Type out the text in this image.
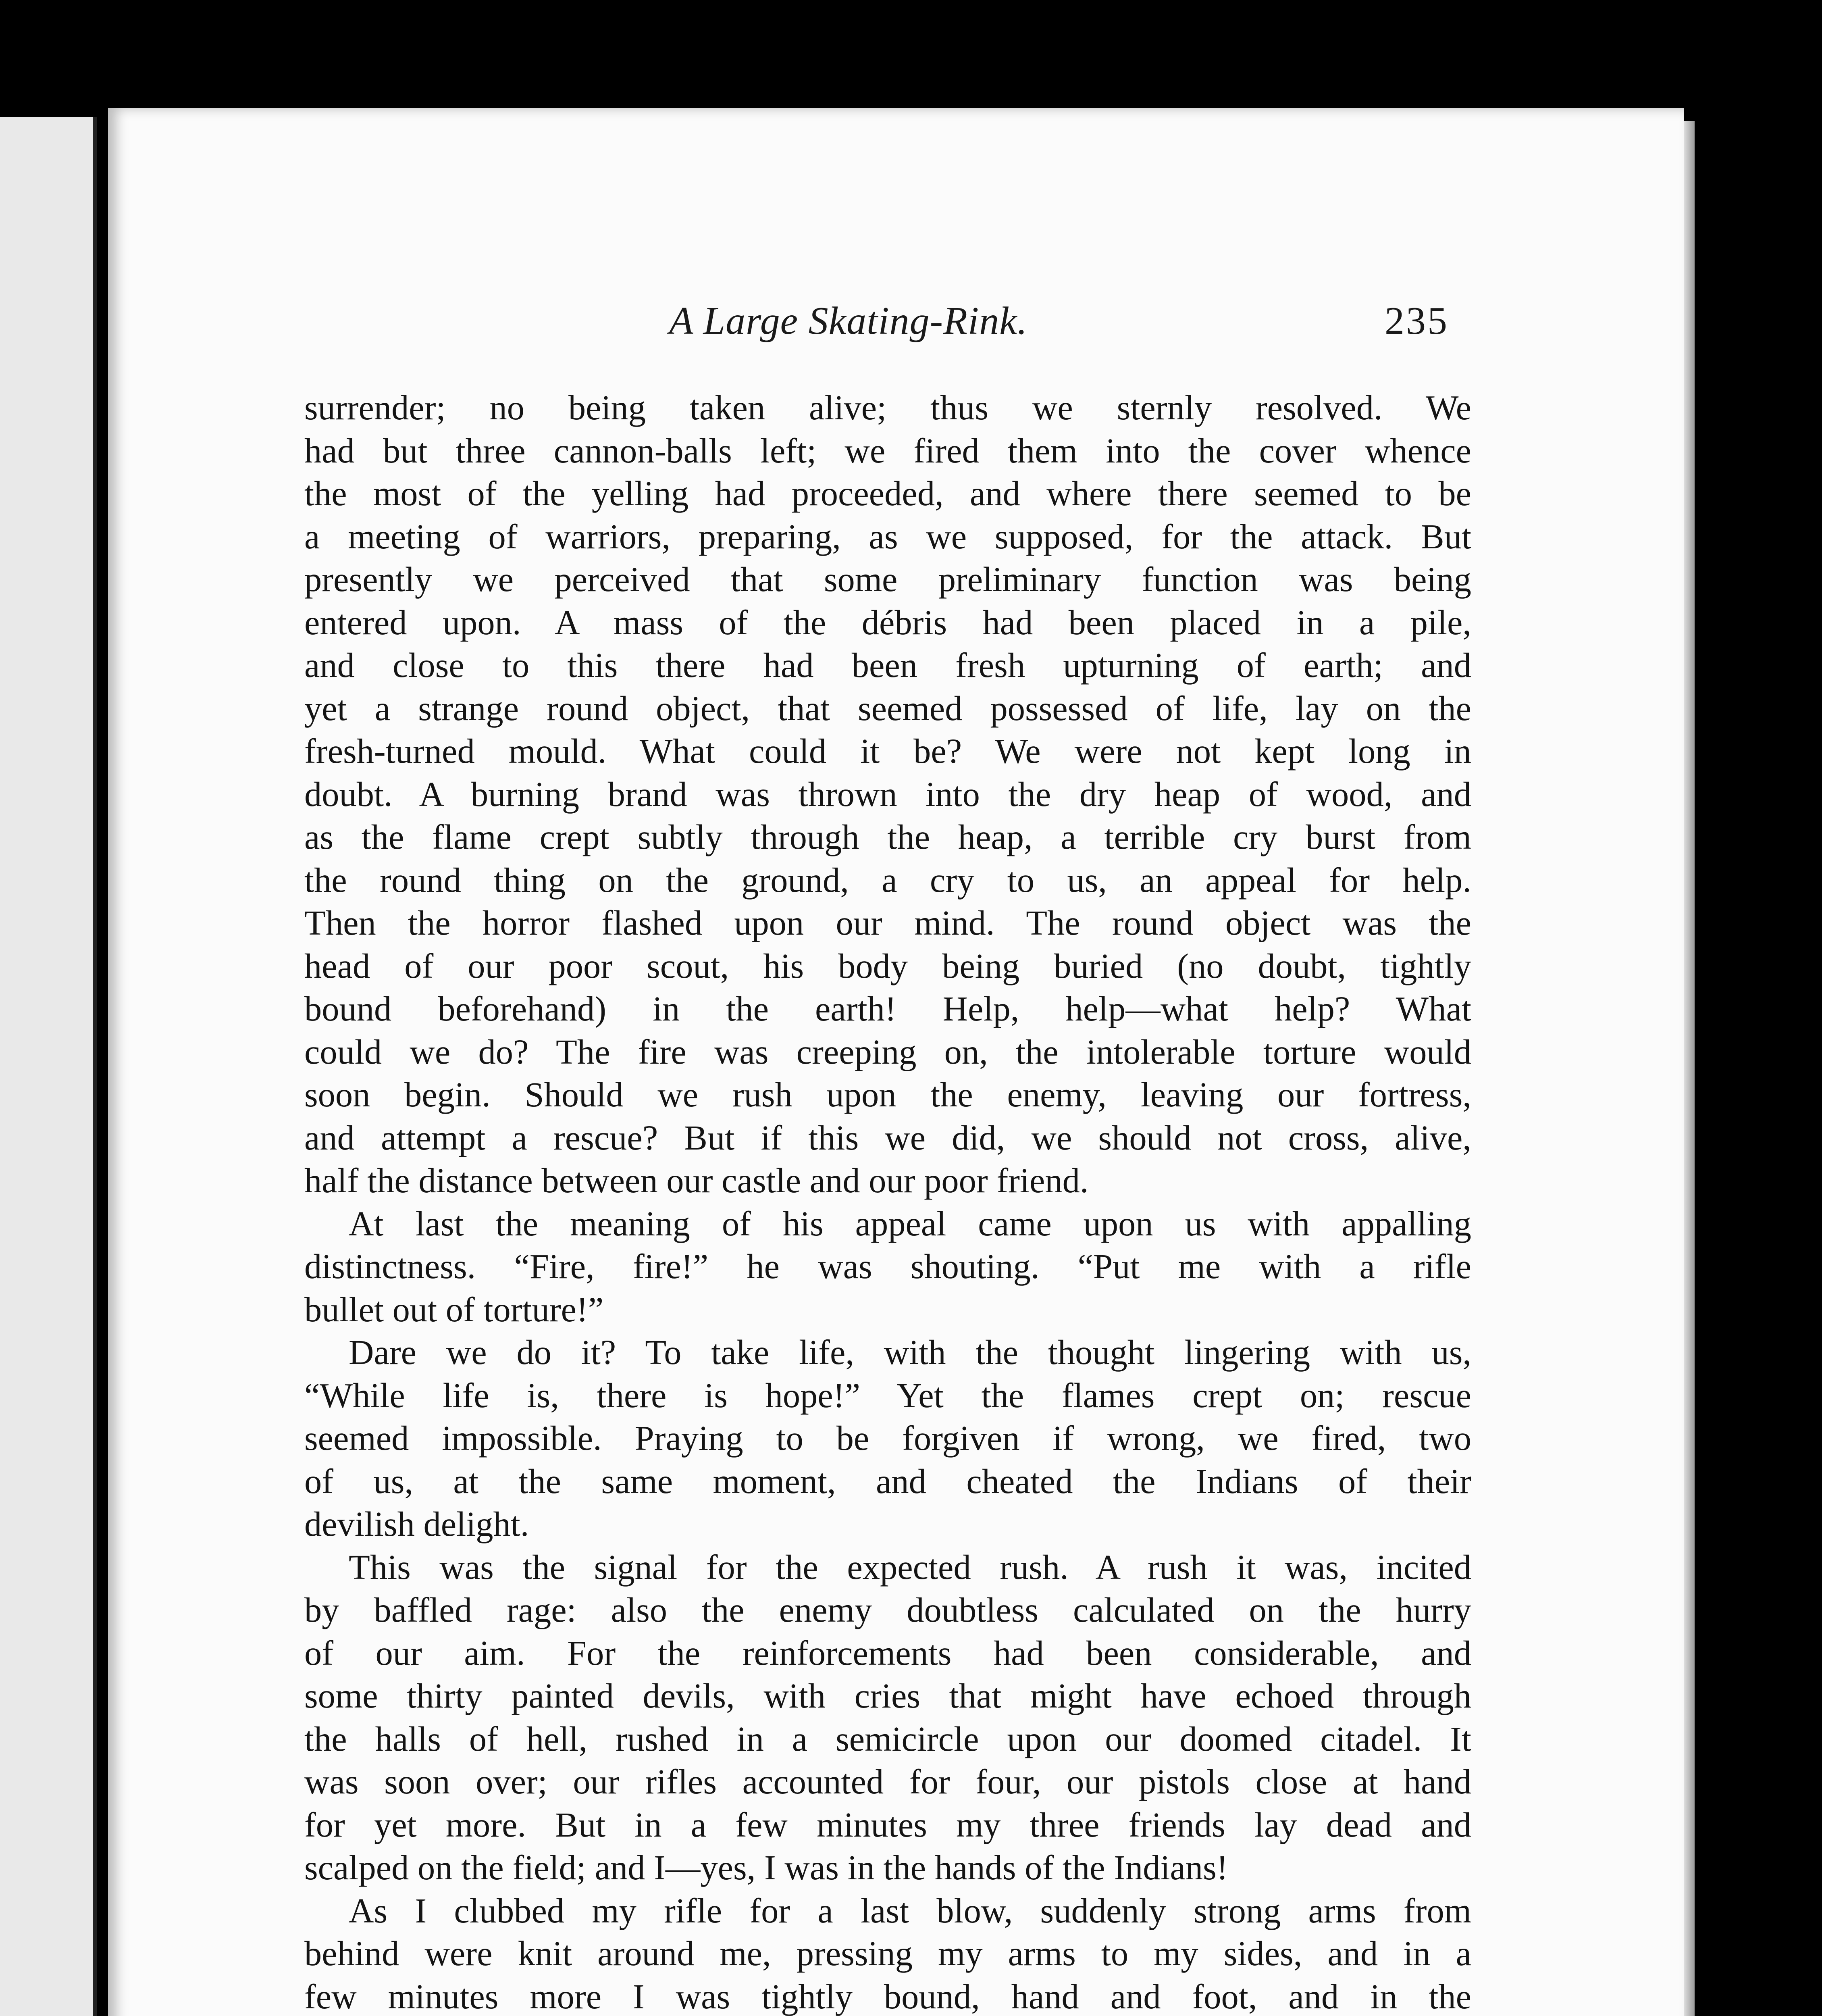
A Large Skating-Rink.	235
surrender; no being taken alive; thus we sternly resolved. We
had but three cannon-balls left; we fired them into the cover whence
the most of the yelling had proceeded, and where there seemed to be
a meeting of warriors, preparing, as we supposed, for the attack. But
presently we perceived that some preliminary function was being
entered upon. A mass of the débris had been placed in a pile,
and close to this there had been fresh upturning of earth; and
yet a strange round object, that seemed possessed of life, lay on the
fresh-turned mould. What could it be? We were not kept long in
doubt. A burning brand was thrown into the dry heap of wood, and
as the flame crept subtly through the heap, a terrible cry burst from
the round thing on the ground, a cry to us, an appeal for help.
Then the horror flashed upon our mind. The round object was the
head of our poor scout, his body being buried (no doubt, tightly
bound beforehand) in the earth! Help, help—what help? What
could we do? The fire was creeping on, the intolerable torture would
soon begin. Should we rush upon the enemy, leaving our fortress,
and attempt a rescue? But if this we did, we should not cross, alive,
half the distance between our castle and our poor friend.
At last the meaning of his appeal came upon us with appalling
distinctness. “Fire, fire!” he was shouting. “Put me with a rifle
bullet out of torture!”
Dare we do it? To take life, with the thought lingering with us,
“While life is, there is hope!” Yet the flames crept on; rescue
seemed impossible. Praying to be forgiven if wrong, we fired, two
of us, at the same moment, and cheated the Indians of their
devilish delight.
This was the signal for the expected rush. A rush it was, incited
by baffled rage: also the enemy doubtless calculated on the hurry
of our aim. For the reinforcements had been considerable, and
some thirty painted devils, with cries that might have echoed through
the halls of hell, rushed in a semicircle upon our doomed citadel. It
was soon over; our rifles accounted for four, our pistols close at hand
for yet more. But in a few minutes my three friends lay dead and
scalped on the field; and I—yes, I was in the hands of the Indians!
As I clubbed my rifle for a last blow, suddenly strong arms from
behind were knit around me, pressing my arms to my sides, and in a
few minutes more I was tightly bound, hand and foot, and in the
